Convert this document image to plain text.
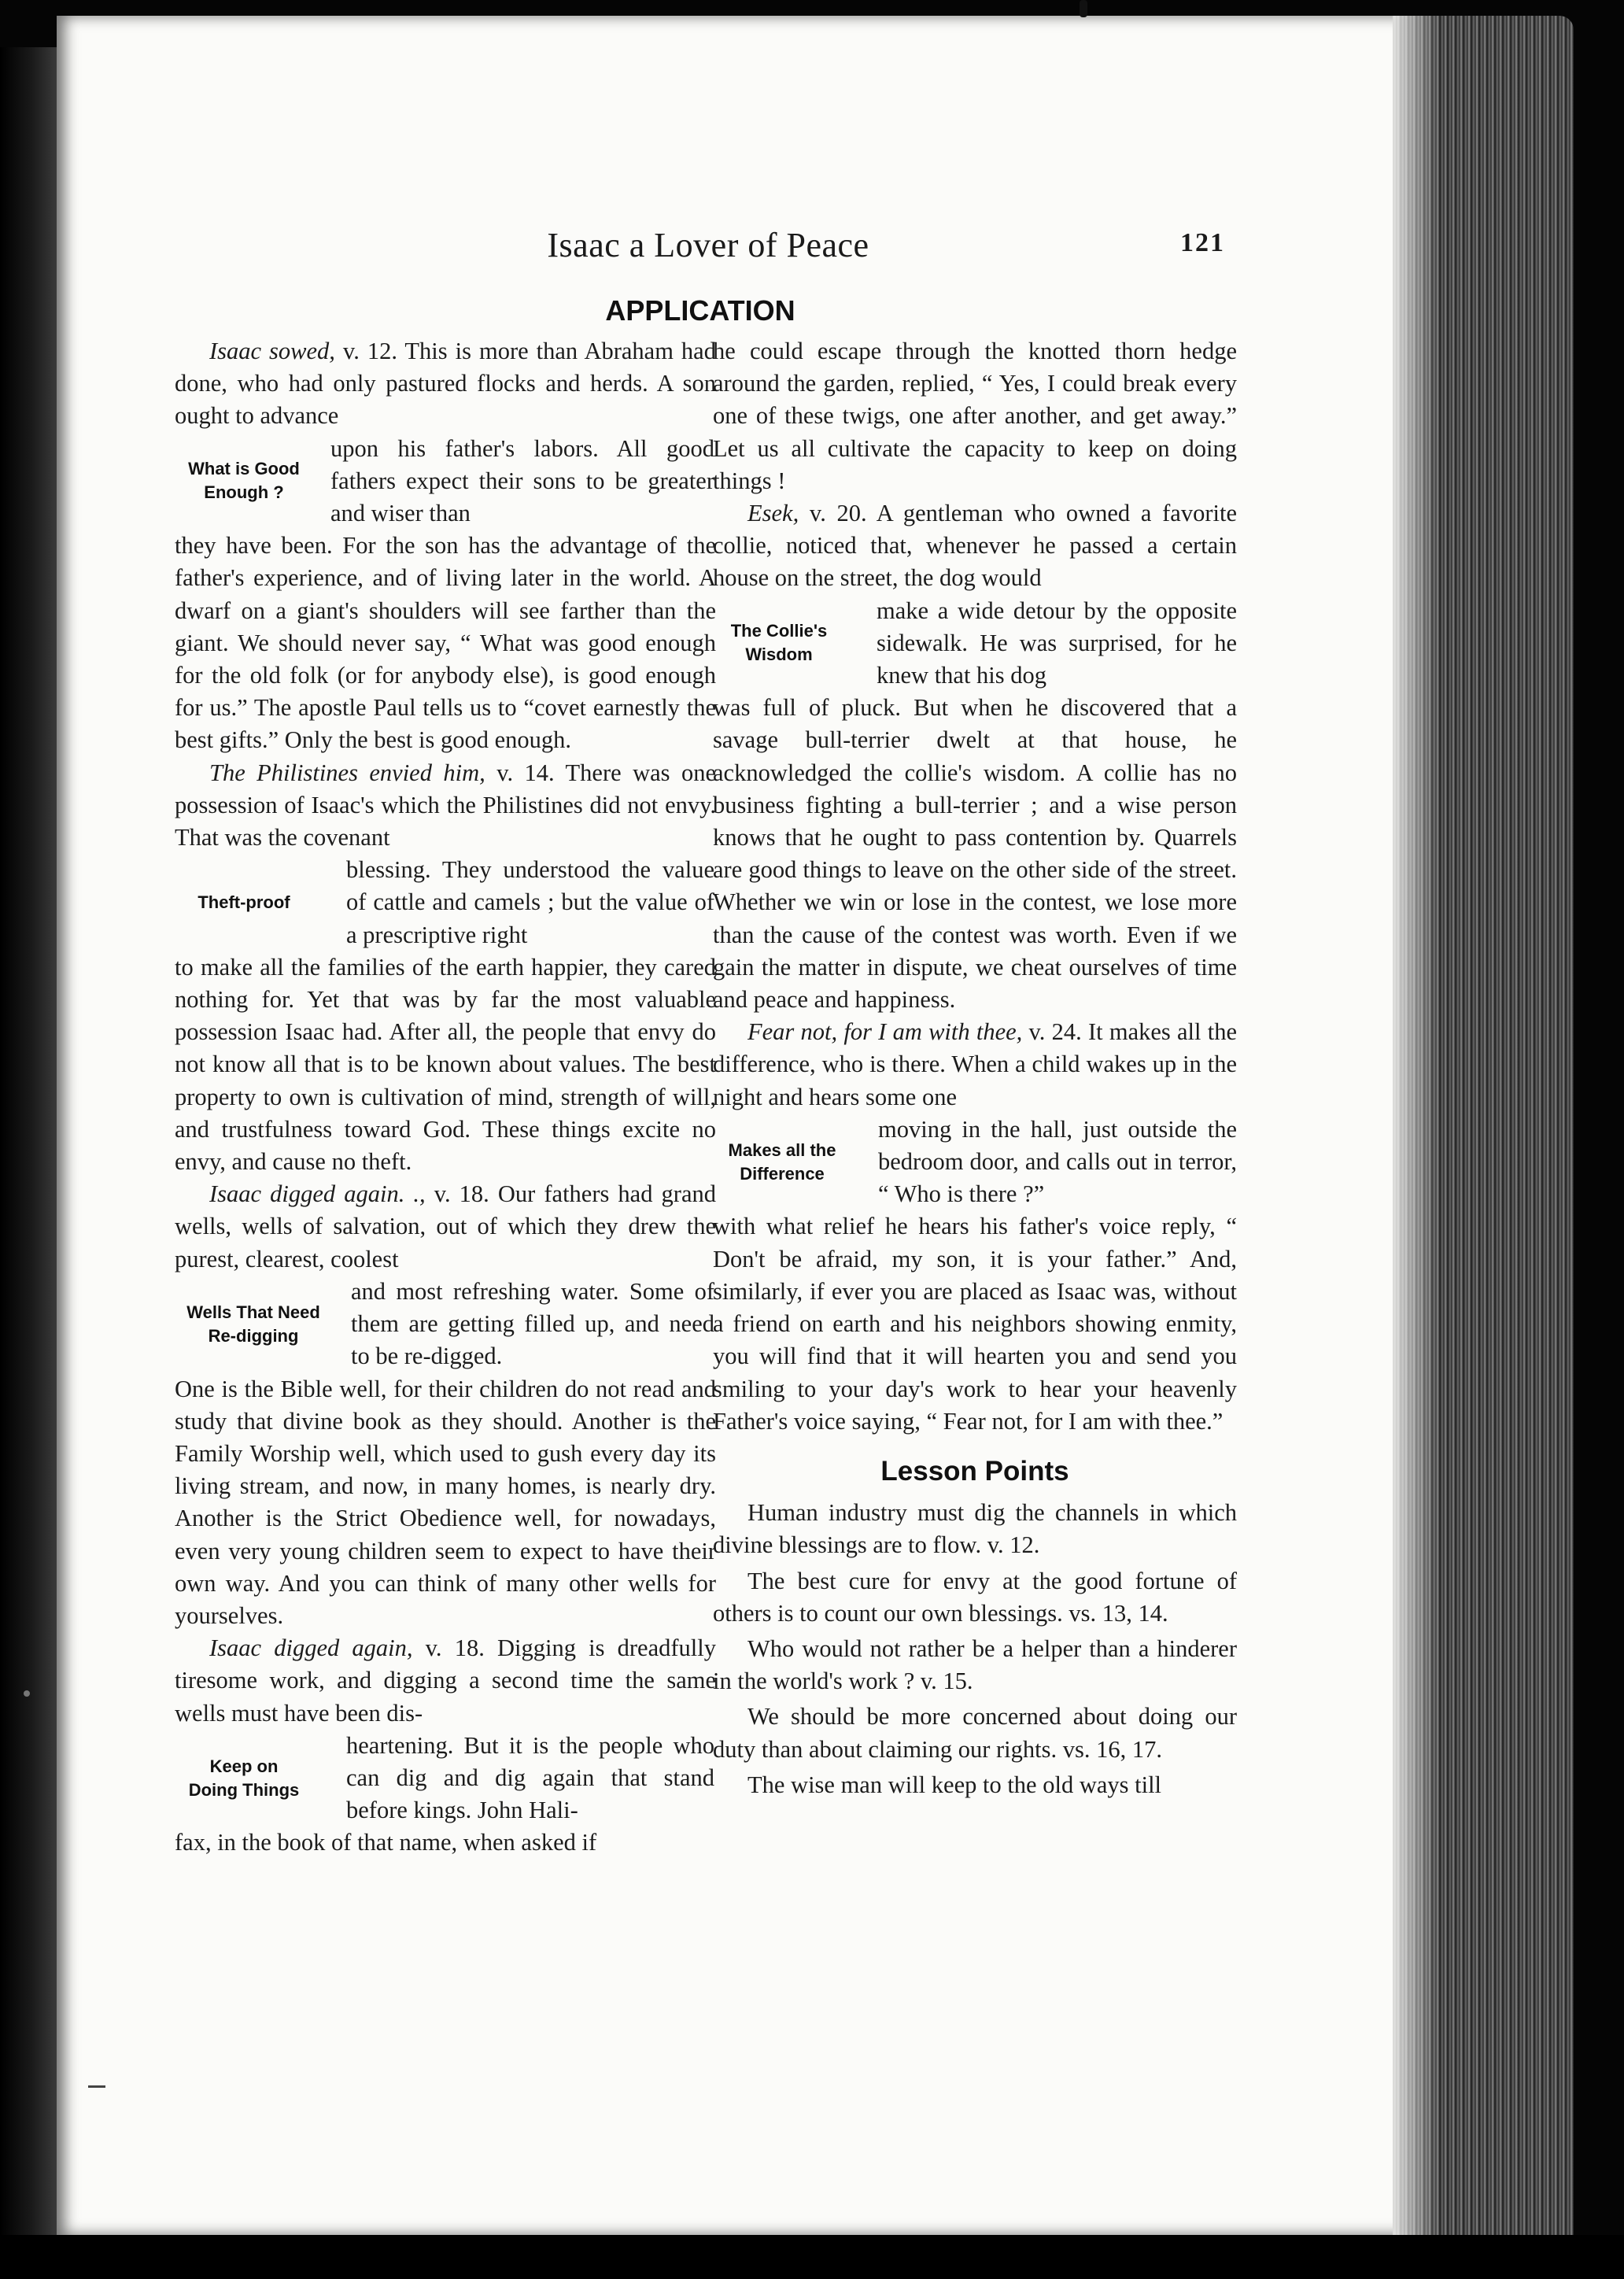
Isaac a Lover of Peace	121
APPLICATION

Isaac sowed, v. 12. This is more than Abraham had done, who had only pastured flocks and herds. A son ought to advance

What is Good
Enough ?

upon his father's labors. All good fathers expect their sons to be greater and wiser than

they have been. For the son has the advantage of the father's experience, and of living later in the world. A dwarf on a giant's shoulders will see farther than the giant. We should never say, “ What was good enough for the old folk (or for anybody else), is good enough for us.” The apostle Paul tells us to “covet earnestly the best gifts.” Only the best is good enough.

The Philistines envied him, v. 14. There was one possession of Isaac's which the Philistines did not envy. That was the covenant

Theft-proof

blessing. They understood the value of cattle and camels ; but the value of a prescriptive right

to make all the families of the earth happier, they cared nothing for. Yet that was by far the most valuable possession Isaac had. After all, the people that envy do not know all that is to be known about values. The best property to own is cultivation of mind, strength of will, and trustfulness toward God. These things excite no envy, and cause no theft.

Isaac digged again. ., v. 18. Our fathers had grand wells, wells of salvation, out of which they drew the purest, clearest, coolest

Wells That Need
Re-digging

and most refreshing water. Some of them are getting filled up, and need to be re-digged.

One is the Bible well, for their children do not read and study that divine book as they should. Another is the Family Worship well, which used to gush every day its living stream, and now, in many homes, is nearly dry. Another is the Strict Obedience well, for nowadays, even very young children seem to expect to have their own way. And you can think of many other wells for yourselves.

Isaac digged again, v. 18. Digging is dreadfully tiresome work, and digging a second time the same wells must have been dis-

Keep on
Doing Things

heartening. But it is the people who can dig and dig again that stand before kings. John Hali-

fax, in the book of that name, when asked if

he could escape through the knotted thorn hedge around the garden, replied, “ Yes, I could break every one of these twigs, one after another, and get away.” Let us all cultivate the capacity to keep on doing things !

Esek, v. 20. A gentleman who owned a favorite collie, noticed that, whenever he passed a certain house on the street, the dog would

The Collie's
Wisdom

make a wide detour by the opposite sidewalk. He was surprised, for he knew that his dog

was full of pluck. But when he discovered that a savage bull-terrier dwelt at that house, he acknowledged the collie's wisdom. A collie has no business fighting a bull-terrier ; and a wise person knows that he ought to pass contention by. Quarrels are good things to leave on the other side of the street. Whether we win or lose in the contest, we lose more than the cause of the contest was worth. Even if we gain the matter in dispute, we cheat ourselves of time and peace and happiness.

Fear not, for I am with thee, v. 24. It makes all the difference, who is there. When a child wakes up in the night and hears some one

Makes all the
Difference

moving in the hall, just outside the bedroom door, and calls out in terror, “ Who is there ?”

with what relief he hears his father's voice reply, “ Don't be afraid, my son, it is your father.” And, similarly, if ever you are placed as Isaac was, without a friend on earth and his neighbors showing enmity, you will find that it will hearten you and send you smiling to your day's work to hear your heavenly Father's voice saying, “ Fear not, for I am with thee.”

Lesson Points

Human industry must dig the channels in which divine blessings are to flow. v. 12.

The best cure for envy at the good fortune of others is to count our own blessings. vs. 13, 14.

Who would not rather be a helper than a hinderer in the world's work ? v. 15.

We should be more concerned about doing our duty than about claiming our rights. vs. 16, 17.

The wise man will keep to the old ways till
